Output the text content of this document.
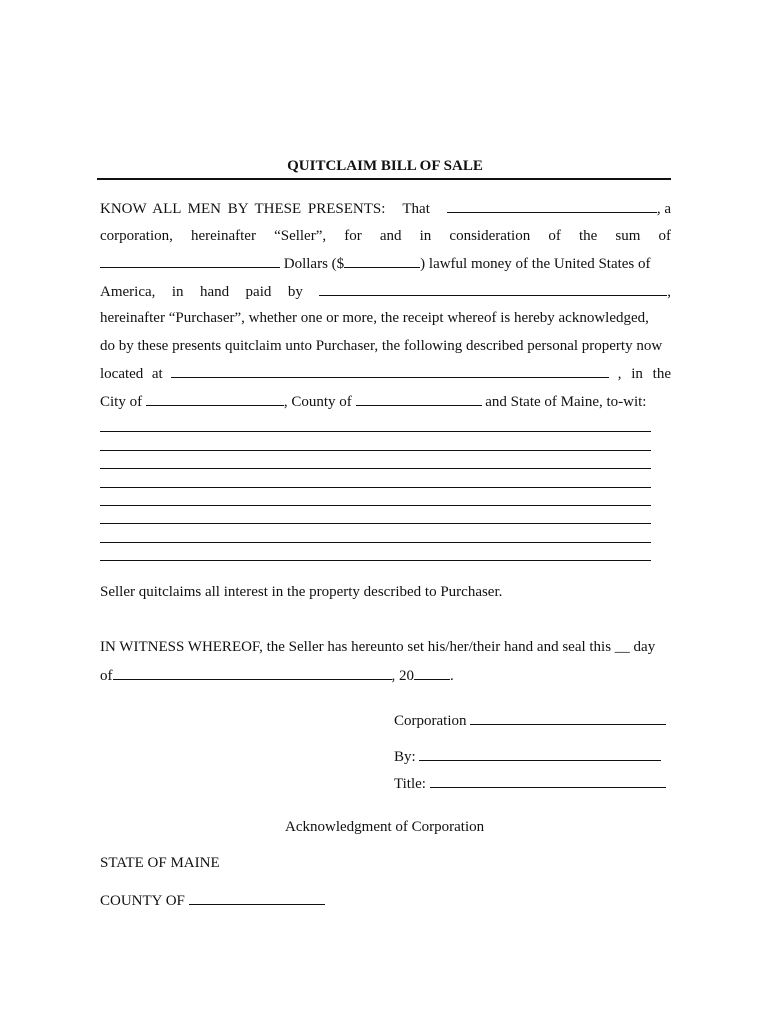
QUITCLAIM BILL OF SALE
KNOW ALL MEN BY THESE PRESENTS: That	, a
corporation, hereinafter “Seller”, for and in consideration of the sum of
Dollars ($	) lawful money of the United States of
America, in hand paid by	,
hereinafter “Purchaser”, whether one or more, the receipt whereof is hereby acknowledged,
do by these presents quitclaim unto Purchaser, the following described personal property now
located at	, in the
City of	, County of	and State of Maine, to-wit:
Seller quitclaims all interest in the property described to Purchaser.
IN WITNESS WHEREOF, the Seller has hereunto set his/her/their hand and seal this __ day
of	, 20 .
Corporation
By:
Title:
Acknowledgment of Corporation
STATE OF MAINE
COUNTY OF
